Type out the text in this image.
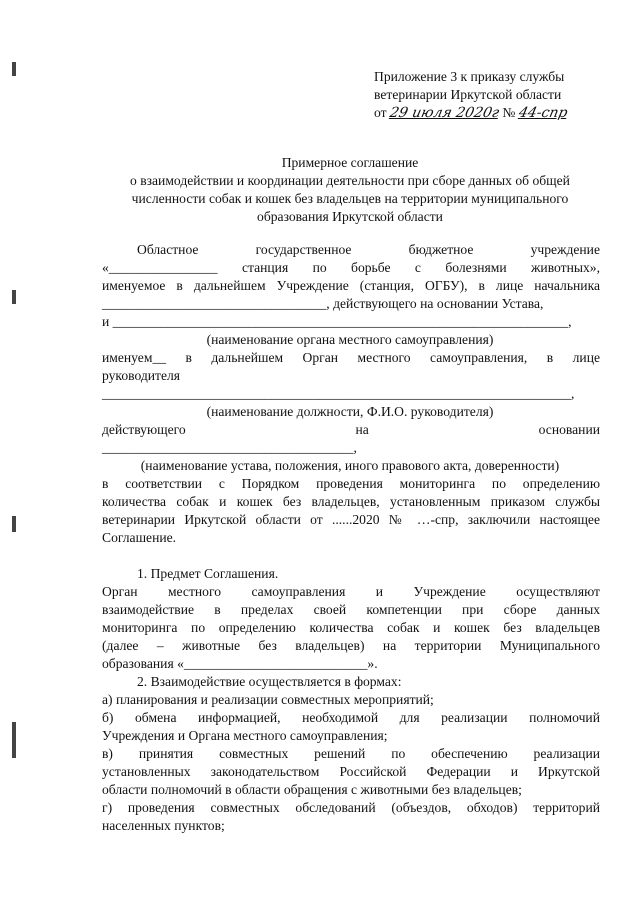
Приложение 3 к приказу службы
ветеринарии Иркутской области
от 29 июля 2020г № 44-спр
Примерное соглашение
о взаимодействии и координации деятельности при сборе данных об общей
численности собак и кошек без владельцев на территории муниципального
образования Иркутской области
Областное государственное бюджетное учреждение
«________________ станция по борьбе с болезнями животных»,
именуемое в дальнейшем Учреждение (станция, ОГБУ), в лице начальника
_________________________________, действующего на основании Устава,
и ___________________________________________________________________,
(наименование органа местного самоуправления)
именуем__ в дальнейшем Орган местного самоуправления, в лице
руководителя
_____________________________________________________________________,
(наименование должности, Ф.И.О. руководителя)
действующего на основании
_____________________________________,
(наименование устава, положения, иного правового акта, доверенности)
в соответствии с Порядком проведения мониторинга по определению
количества собак и кошек без владельцев, установленным приказом службы
ветеринарии Иркутской области от ......2020 № …-спр, заключили настоящее
Соглашение.
1. Предмет Соглашения.
Орган местного самоуправления и Учреждение осуществляют
взаимодействие в пределах своей компетенции при сборе данных
мониторинга по определению количества собак и кошек без владельцев
(далее – животные без владельцев) на территории Муниципального
образования «___________________________».
2. Взаимодействие осуществляется в формах:
а) планирования и реализации совместных мероприятий;
б) обмена информацией, необходимой для реализации полномочий
Учреждения и Органа местного самоуправления;
в) принятия совместных решений по обеспечению реализации
установленных законодательством Российской Федерации и Иркутской
области полномочий в области обращения с животными без владельцев;
г) проведения совместных обследований (объездов, обходов) территорий
населенных пунктов;
